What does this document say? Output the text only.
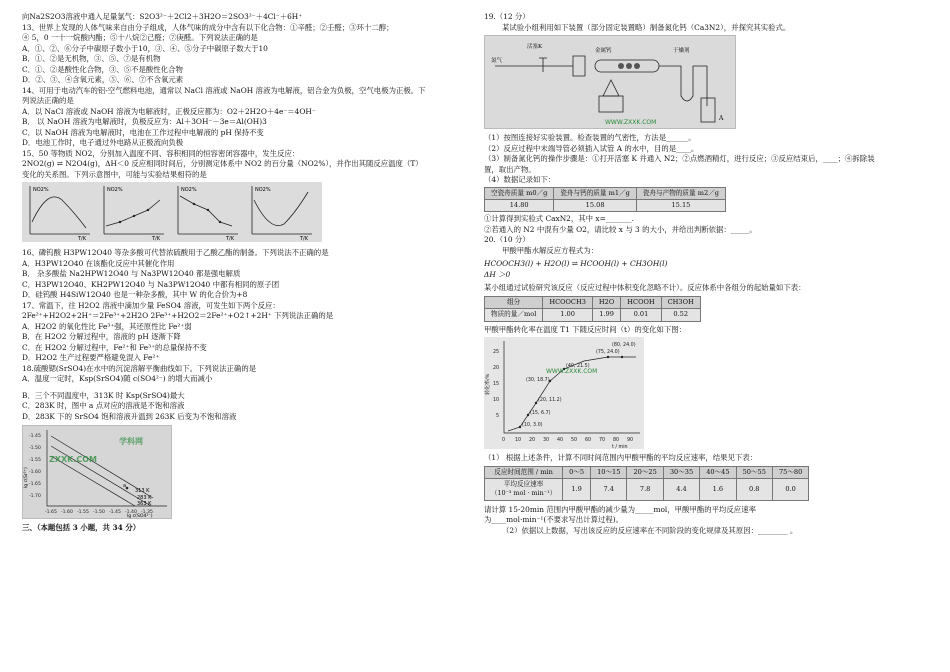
向Na2S2O3溶液中通入足量氯气：S2O3²⁻＋2Cl2＋3H2O＝2SO3²⁻＋4Cl⁻＋6H⁺
13、世界上发现的人体气味来自由分子组成，人体气味的成分中含有以下化合物：①辛醛；②壬醛；③环十二醇；
④ 5，0 一十一烷酸内酯；⑤十八烷②己醛；⑦庚醛。下列说法正确的是
A．①、②、⑥分子中碳原子数小于10，③、④、⑤分子中碳原子数大于10
B．①、②是无机物，③、⑤、⑦是有机物
C．①、②是酸性化合物，③、⑤不是酸性化合物
D．②、③、④含氧元素，⑤、⑥、⑦不含氧元素
14、可用于电动汽车的铝-空气燃料电池，通常以 NaCl 溶液或 NaOH 溶液为电解液，铝合金为负极，空气电极为正极。下
列说法正确的是
A．以 NaCl 溶液或 NaOH 溶液为电解液时，正极反应都为：O2＋2H2O＋4e⁻＝4OH⁻
B． 以 NaOH 溶液为电解液时，负极反应为：Al＋3OH⁻－3e＝Al(OH)3
C．以 NaOH 溶液为电解液时，电池在工作过程中电解液的 pH 保持不变
D．电池工作时，电子通过外电路从正极流向负极
15、50 等物质 NO2，分别加入温度不同、容积相同的恒容密闭容器中，发生反应：
2NO2(g) ⇌ N2O4(g)，ΔH＜0 反应相同时间后，分别测定体系中 NO2 的百分量（NO2%），并作出其随反应温度（T）
变化的关系图。下列示意图中，可能与实验结果相符的是
T/K	T/K	T/K	T/K
NO2%	NO2%	NO2%	NO2%
16、磷钨酸 H3PW12O40 等杂多酸可代替浓硫酸用于乙酸乙酯的制备。下列说法不正确的是
A．H3PW12O40 在该酯化反应中其催化作用
B． 杂多酸盐 Na2HPW12O40 与 Na3PW12O40 都是强电解质
C．H3PW12O40、KH2PW12O40 与 Na3PW12O40 中都有相同的原子团
D．硅钨酸 H4SiW12O40 也是一种杂多酸，其中 W 的化合价为+8
17、常温下，往 H2O2 溶液中滴加少量 FeSO4 溶液，可发生如下两个反应：
2Fe²⁺+H2O2+2H⁺＝2Fe³⁺+2H2O 2Fe³⁺+H2O2＝2Fe²⁺+O2↑+2H⁺ 下列说法正确的是
A．H2O2 的氧化性比 Fe³⁺强，其还原性比 Fe²⁺弱
B．在 H2O2 分解过程中，溶液的 pH 逐渐下降
C．在 H2O2 分解过程中，Fe²⁺和 Fe³⁺的总量保持不变
D．H2O2 生产过程要严格避免混入 Fe²⁺
18.硫酸锶(SrSO4)在水中的沉淀溶解平衡曲线如下。下列说法正确的是
A．温度一定时，Ksp(SrSO4)随 c(SO4²⁻) 的增大而减小
B．三个不同温度中，313K 时 Ksp(SrSO4)最大
C．283K 时，图中 a 点对应的溶液是不饱和溶液
D．283K 下的 SrSO4 饱和溶液升温到 263K 后变为不饱和溶液
a
313 K
283 K
363 K
-1.45
-1.50
-1.55
-1.60
-1.65
-1.70
-1.65 -1.60 -1.55 -1.50 -1.45 -1.40 -1.35
lg c(SO4²⁻)
lg c(Sr²⁺)
学科网
ZXXK.COM
三、（本题包括 3 小题，共 34 分）
19.（12 分）
某试验小组利用如下装置（部分固定装置略）制备氮化钙（Ca3N2），并探究其实验式。
活塞K
金属钙	干燥剂
氮气
A
WWW.ZXXK.COM
（1）按图连接好实验装置。检查装置的气密性，方法是______。
（2）反应过程中末端导管必须插入试管 A 的水中，目的是____。
（3）制备氮化钙的操作步骤是：①打开活塞 K 并通入 N2；②点燃酒精灯，进行反应；③反应结束后，____；④拆除装
置，取出产物。
（4）数据记录如下：
空瓷舟质量 m0／g	瓷舟与钙的质量 m1／g	瓷舟与产物的质量 m2／g
14.80	15.08	15.15
①计算得到实验式 CaxN2，其中 x=_______.
②若通入的 N2 中混有少量 O2，请比较 x 与 3 的大小，并给出判断依据：_____。
20.（10 分）
甲酸甲酯水解反应方程式为：
HCOOCH3(l) + H2O(l) ⇌ HCOOH(l) + CH3OH(l)
ΔH ＞0
某小组通过试验研究该反应（反应过程中体积变化忽略不计）。反应体系中各组分的起始量如下表：
组分	HCOOCH3	H2O	HCOOH	CH3OH
物质的量／mol	1.00	1.99	0.01	0.52
甲酸甲酯转化率在温度 T1 下随反应时间（t）的变化如下图：
(10, 3.0)
(15, 6.7)
(20, 11.2)
(30, 18.7)
(40, 21.5)
(75, 24.0)
(80, 24.0)
0 10 20 30 40 50 60 70 80 90
5
10
15
20
25
t / min
转化率/%
WWW.ZXXK.COM
（1） 根据上述条件，计算不同时间范围内甲酸甲酯的平均反应速率，结果见下表：
反应时间范围 / min	0～5	10～15	20～25	30～35	40～45	50～55	75～80

平均反应速率
（10⁻³ mol · min⁻¹）	1.9	7.4	7.8	4.4	1.6	0.8	0.0
请计算 15-20min 范围内甲酸甲酯的减少量为_____mol，甲酸甲酯的平均反应速率
为____mol·min⁻¹(不要求写出计算过程)。
（2）依据以上数据，写出该反应的反应速率在不同阶段的变化规律及其原因：________ 。
